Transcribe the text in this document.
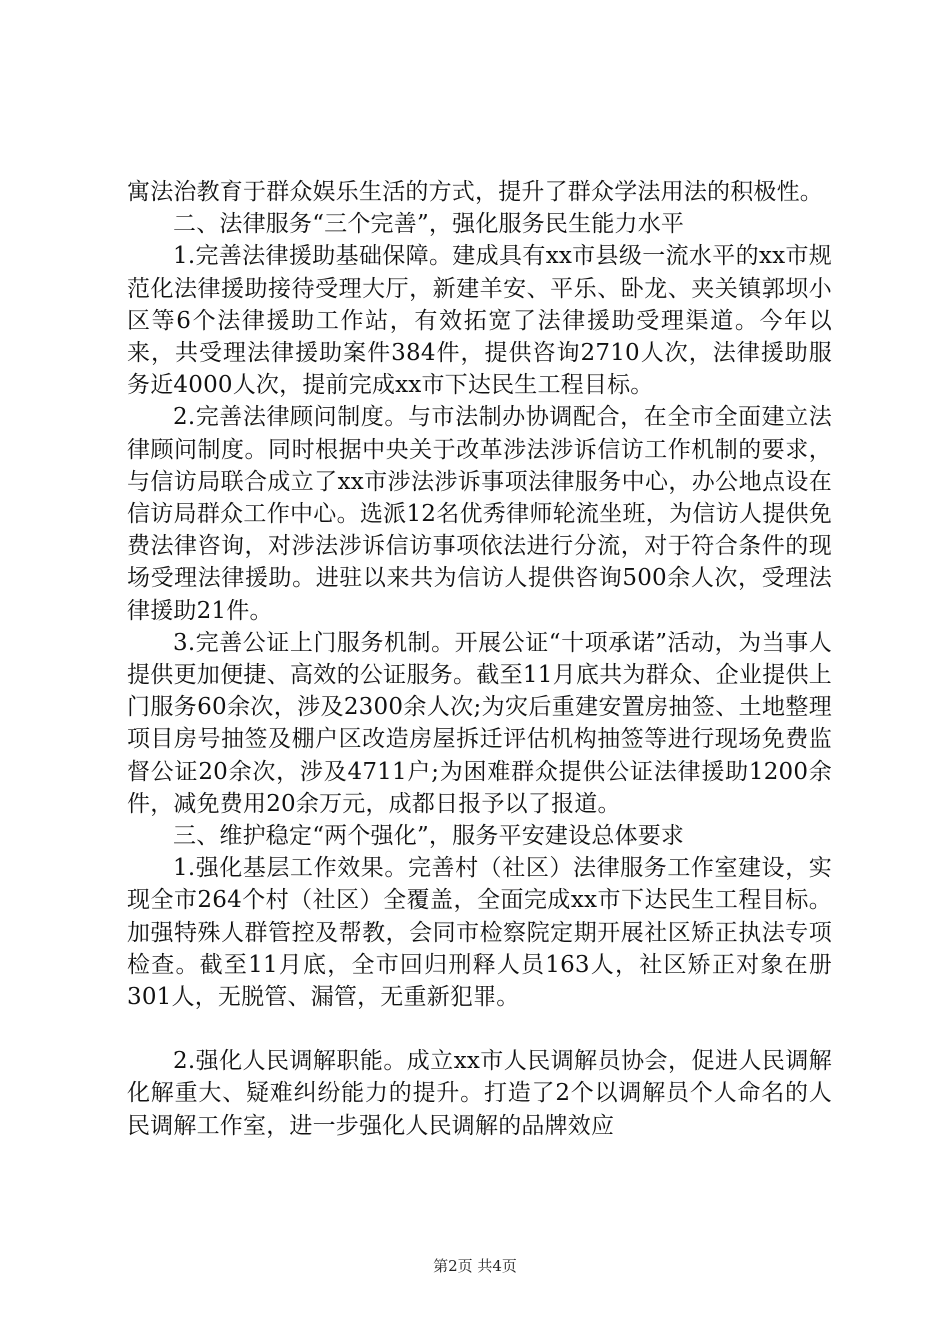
寓法治教育于群众娱乐生活的方式，提升了群众学法用法的积极性。

二、法律服务“三个完善”，强化服务民生能力水平

1.完善法律援助基础保障。建成具有xx市县级一流水平的xx市规范化法律援助接待受理大厅，新建羊安、平乐、卧龙、夹关镇郭坝小区等6个法律援助工作站，有效拓宽了法律援助受理渠道。今年以来，共受理法律援助案件384件，提供咨询2710人次，法律援助服务近4000人次，提前完成xx市下达民生工程目标。

2.完善法律顾问制度。与市法制办协调配合，在全市全面建立法律顾问制度。同时根据中央关于改革涉法涉诉信访工作机制的要求，与信访局联合成立了xx市涉法涉诉事项法律服务中心，办公地点设在信访局群众工作中心。选派12名优秀律师轮流坐班，为信访人提供免费法律咨询，对涉法涉诉信访事项依法进行分流，对于符合条件的现场受理法律援助。进驻以来共为信访人提供咨询500余人次，受理法律援助21件。

3.完善公证上门服务机制。开展公证“十项承诺”活动，为当事人提供更加便捷、高效的公证服务。截至11月底共为群众、企业提供上门服务60余次，涉及2300余人次;为灾后重建安置房抽签、土地整理项目房号抽签及棚户区改造房屋拆迁评估机构抽签等进行现场免费监督公证20余次，涉及4711户;为困难群众提供公证法律援助1200余件，减免费用20余万元，成都日报予以了报道。

三、维护稳定“两个强化”，服务平安建设总体要求

1.强化基层工作效果。完善村（社区）法律服务工作室建设，实现全市264个村（社区）全覆盖，全面完成xx市下达民生工程目标。加强特殊人群管控及帮教，会同市检察院定期开展社区矫正执法专项检查。截至11月底，全市回归刑释人员163人，社区矫正对象在册301人，无脱管、漏管，无重新犯罪。

2.强化人民调解职能。成立xx市人民调解员协会，促进人民调解化解重大、疑难纠纷能力的提升。打造了2个以调解员个人命名的人民调解工作室，进一步强化人民调解的品牌效应

第2页 共4页
